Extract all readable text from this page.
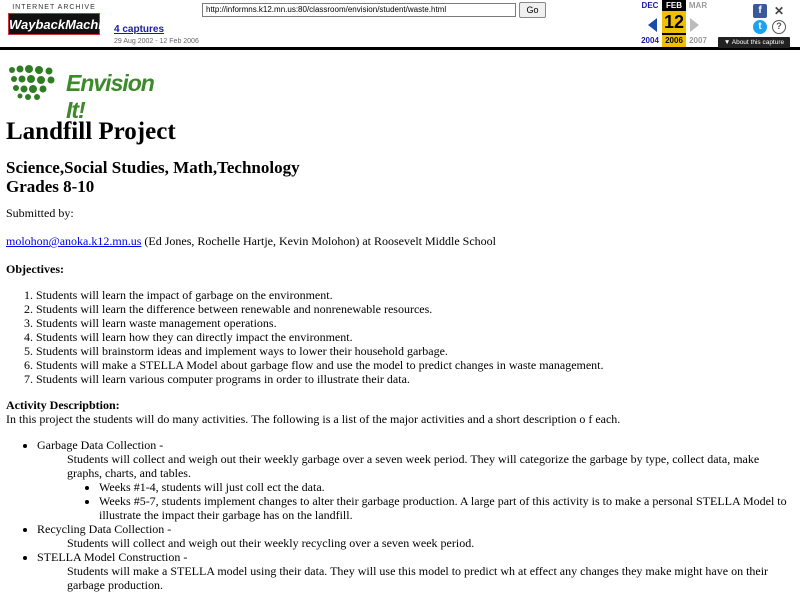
INTERNET ARCHIVE
WaybackMachine
4 captures
29 Aug 2002 - 12 Feb 2006
http://informns.k12.mn.us:80/classroom/envision/student/waste.html	Go	DEC
2004
FEB
12
2006
MAR
2007
f
t
✕
?
▼ About this capture
Envision It!
Landfill Project
Science,Social Studies, Math,Technology
Grades 8-10

Submitted by:

molohon@anoka.k12.mn.us (Ed Jones, Rochelle Hartje, Kevin Molohon) at Roosevelt Middle School

Objectives:
1. Students will learn the impact of garbage on the environment.
2. Students will learn the difference between renewable and nonrenewable resources.
3. Students will learn waste management operations.
4. Students will learn how they can directly impact the environment.
5. Students will brainstorm ideas and implement ways to lower their household garbage.
6. Students will make a STELLA Model about garbage flow and use the model to predict changes in waste management.
7. Students will learn various computer programs in order to illustrate their data.
Activity Descripbtion:
In this project the students will do many activities. The following is a list of the major activities and a short description o f each.
• Garbage Data Collection -
Students will collect and weigh out their weekly garbage over a seven week period. They will categorize the garbage by type, collect data, make graphs, charts, and tables.
• Weeks #1-4, students will just coll ect the data.
• Weeks #5-7, students implement changes to alter their garbage production. A large part of this activity is to make a personal STELLA Model to illustrate the impact their garbage has on the landfill.
• Recycling Data Collection -
Students will collect and weigh out their weekly recycling over a seven week period.
• STELLA Model Construction -
Students will make a STELLA model using their data. They will use this model to predict wh at effect any changes they make might have on their garbage production.
